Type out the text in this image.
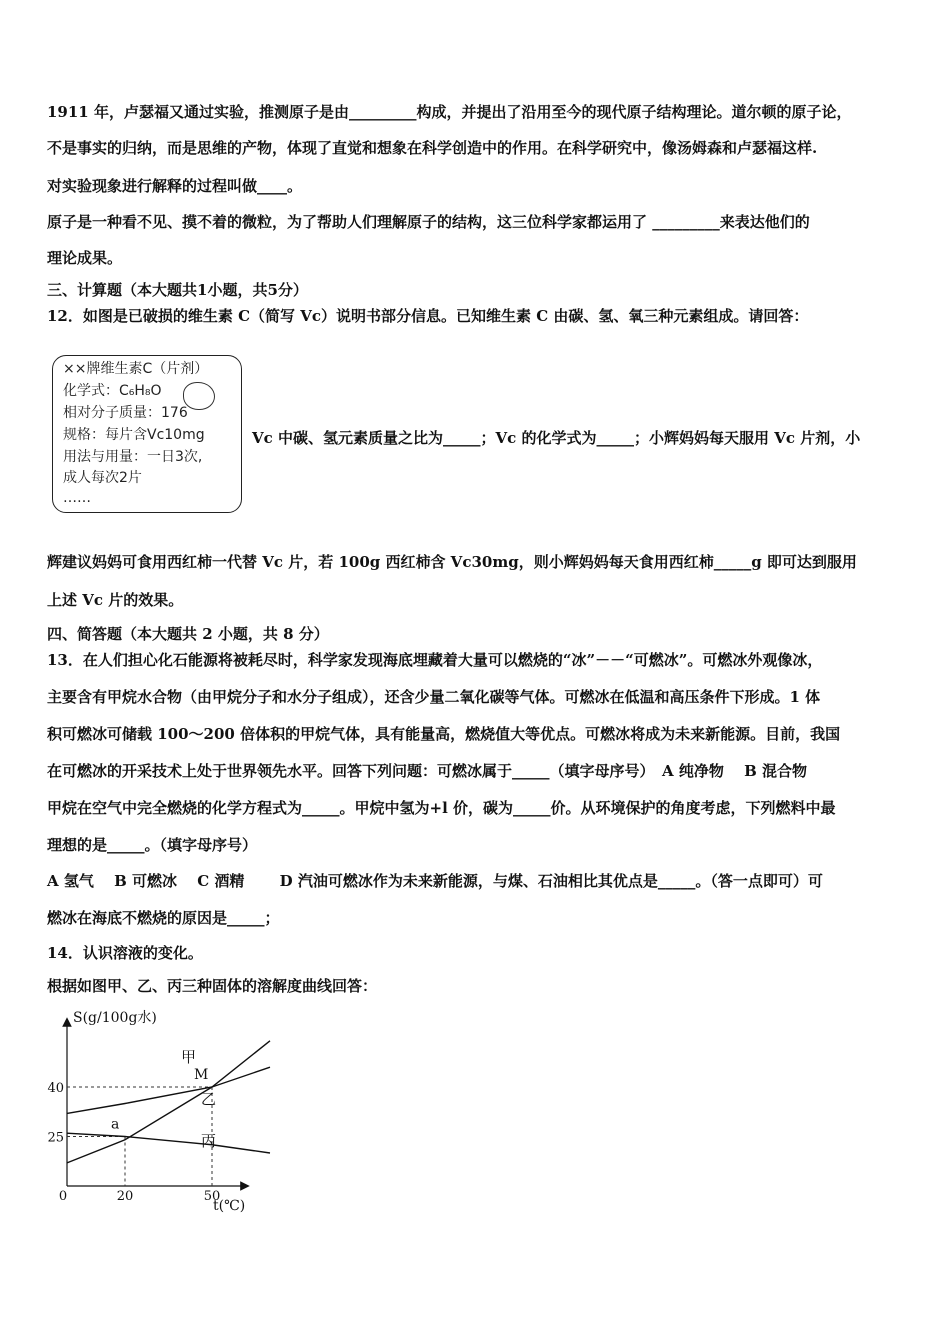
1911 年，卢瑟福又通过实验，推测原子是由_________构成，并提出了沿用至今的现代原子结构理论。道尔顿的原子论，
不是事实的归纳，而是思维的产物，体现了直觉和想象在科学创造中的作用。在科学研究中，像汤姆森和卢瑟福这样.
对实验现象进行解释的过程叫做____。
原子是一种看不见、摸不着的微粒，为了帮助人们理解原子的结构，这三位科学家都运用了 _________来表达他们的
理论成果。
三、计算题（本大题共1小题，共5分）
12．如图是已破损的维生素 C（简写 Vc）说明书部分信息。已知维生素 C 由碳、氢、氧三种元素组成。请回答：
××牌维生素C（片剂）
化学式：C₆H₈O
相对分子质量：176
规格：每片含Vc10mg
用法与用量：一日3次,
成人每次2片
……
Vc 中碳、氢元素质量之比为_____；Vc 的化学式为_____；小辉妈妈每天服用 Vc 片剂，小
辉建议妈妈可食用西红柿一代替 Vc 片，若 100g 西红柿含 Vc30mg，则小辉妈妈每天食用西红柿_____g 即可达到服用
上述 Vc 片的效果。
四、简答题（本大题共 2 小题，共 8 分）
13．在人们担心化石能源将被耗尽时，科学家发现海底埋藏着大量可以燃烧的“冰”－－“可燃冰”。可燃冰外观像冰，
主要含有甲烷水合物（由甲烷分子和水分子组成），还含少量二氧化碳等气体。可燃冰在低温和高压条件下形成。1 体
积可燃冰可储载 100～200 倍体积的甲烷气体，具有能量高，燃烧值大等优点。可燃冰将成为未来新能源。目前，我国
在可燃冰的开采技术上处于世界领先水平。回答下列问题：可燃冰属于_____（填字母序号）　A 纯净物　 B 混合物
甲烷在空气中完全燃烧的化学方程式为_____。甲烷中氢为+l 价，碳为_____价。从环境保护的角度考虑，下列燃料中最
理想的是_____。（填字母序号）
A 氢气　 B 可燃冰　 C 酒精　　 D 汽油可燃冰作为未来新能源，与煤、石油相比其优点是_____。（答一点即可）可
燃冰在海底不燃烧的原因是_____；
14．认识溶液的变化。
根据如图甲、乙、丙三种固体的溶解度曲线回答：
S(g/100g水)
t(℃)
0	20	50
25
40
甲
乙
丙
M
a
